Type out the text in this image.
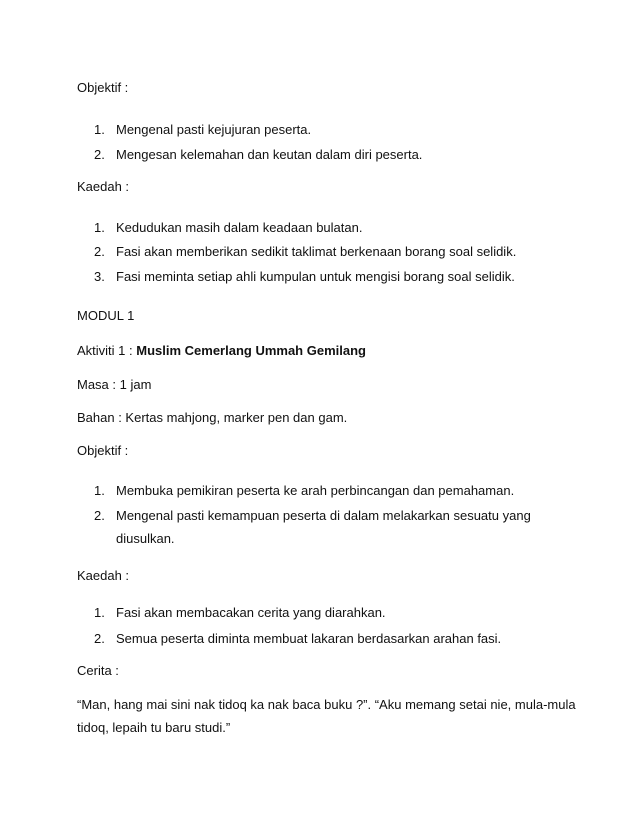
Objektif :
1. Mengenal pasti kejujuran peserta.
2. Mengesan kelemahan dan keutan dalam diri peserta.
Kaedah :
1. Kedudukan masih dalam keadaan bulatan.
2. Fasi akan memberikan sedikit taklimat berkenaan borang soal selidik.
3. Fasi meminta setiap ahli kumpulan untuk mengisi borang soal selidik.
MODUL 1
Aktiviti 1 : Muslim Cemerlang Ummah Gemilang
Masa : 1 jam
Bahan : Kertas mahjong, marker pen dan gam.
Objektif :
1. Membuka pemikiran peserta ke arah perbincangan dan pemahaman.
2. Mengenal pasti kemampuan peserta di dalam melakarkan sesuatu yang
diusulkan.
Kaedah :
1. Fasi akan membacakan cerita yang diarahkan.
2. Semua peserta diminta membuat lakaran berdasarkan arahan fasi.
Cerita :
“Man, hang mai sini nak tidoq ka nak baca buku ?”. “Aku memang setai nie, mula-mula
tidoq, lepaih tu baru studi.”
